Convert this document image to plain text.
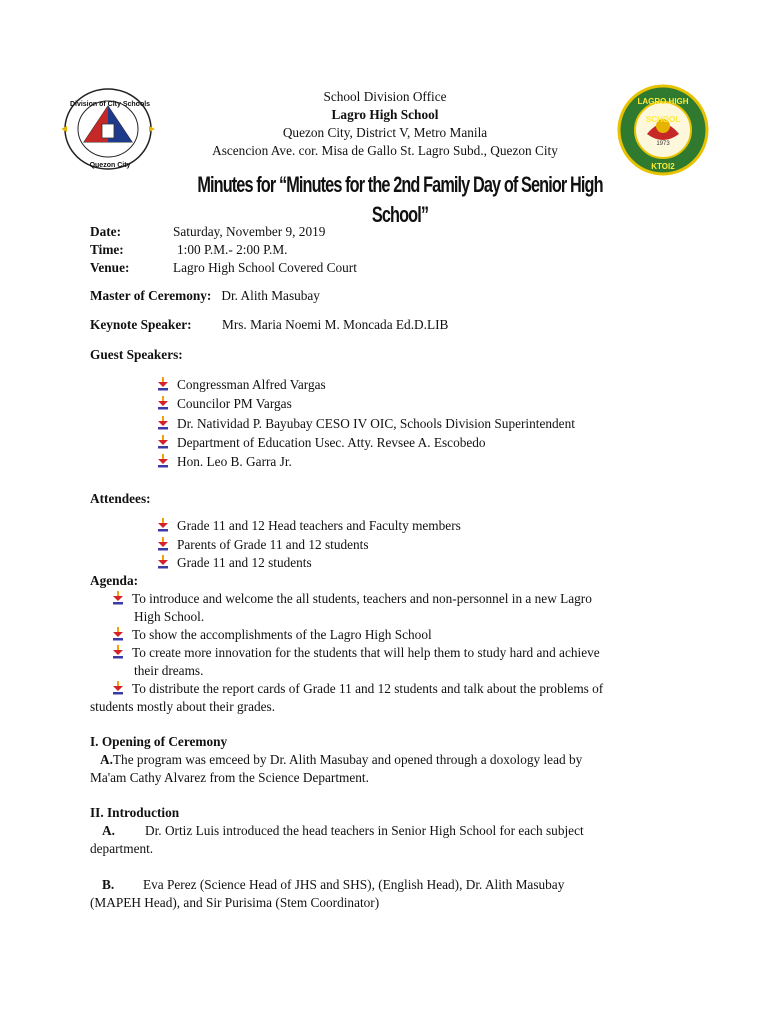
Division of City Schools
Quezon City
LAGRO HIGH SCHOOL
1973
KTOI2
School Division Office
Lagro High School
Quezon City, District V, Metro Manila
Ascencion Ave. cor. Misa de Gallo St. Lagro Subd., Quezon City
Minutes for “Minutes for the 2nd Family Day of Senior High School”
Date:	Saturday, November 9, 2019
Time:	1:00 P.M.- 2:00 P.M.
Venue:	Lagro High School Covered Court
Master of Ceremony: Dr. Alith Masubay
Keynote Speaker: Mrs. Maria Noemi M. Moncada Ed.D.LIB
Guest Speakers:
Congressman Alfred Vargas
Councilor PM Vargas
Dr. Natividad P. Bayubay CESO IV OIC, Schools Division Superintendent
Department of Education Usec. Atty. Revsee A. Escobedo
Hon. Leo B. Garra Jr.
Attendees:
Grade 11 and 12 Head teachers and Faculty members
Parents of Grade 11 and 12 students
Grade 11 and 12 students
Agenda:
To introduce and welcome the all students, teachers and non-personnel in a new Lagro
High School.
To show the accomplishments of the Lagro High School
To create more innovation for the students that will help them to study hard and achieve
their dreams.
To distribute the report cards of Grade 11 and 12 students and talk about the problems of
students mostly about their grades.
I. Opening of Ceremony
A.The program was emceed by Dr. Alith Masubay and opened through a doxology lead by
Ma'am Cathy Alvarez from the Science Department.
II. Introduction
A. Dr. Ortiz Luis introduced the head teachers in Senior High School for each subject
department.
B. Eva Perez (Science Head of JHS and SHS), (English Head), Dr. Alith Masubay
(MAPEH Head), and Sir Purisima (Stem Coordinator)
